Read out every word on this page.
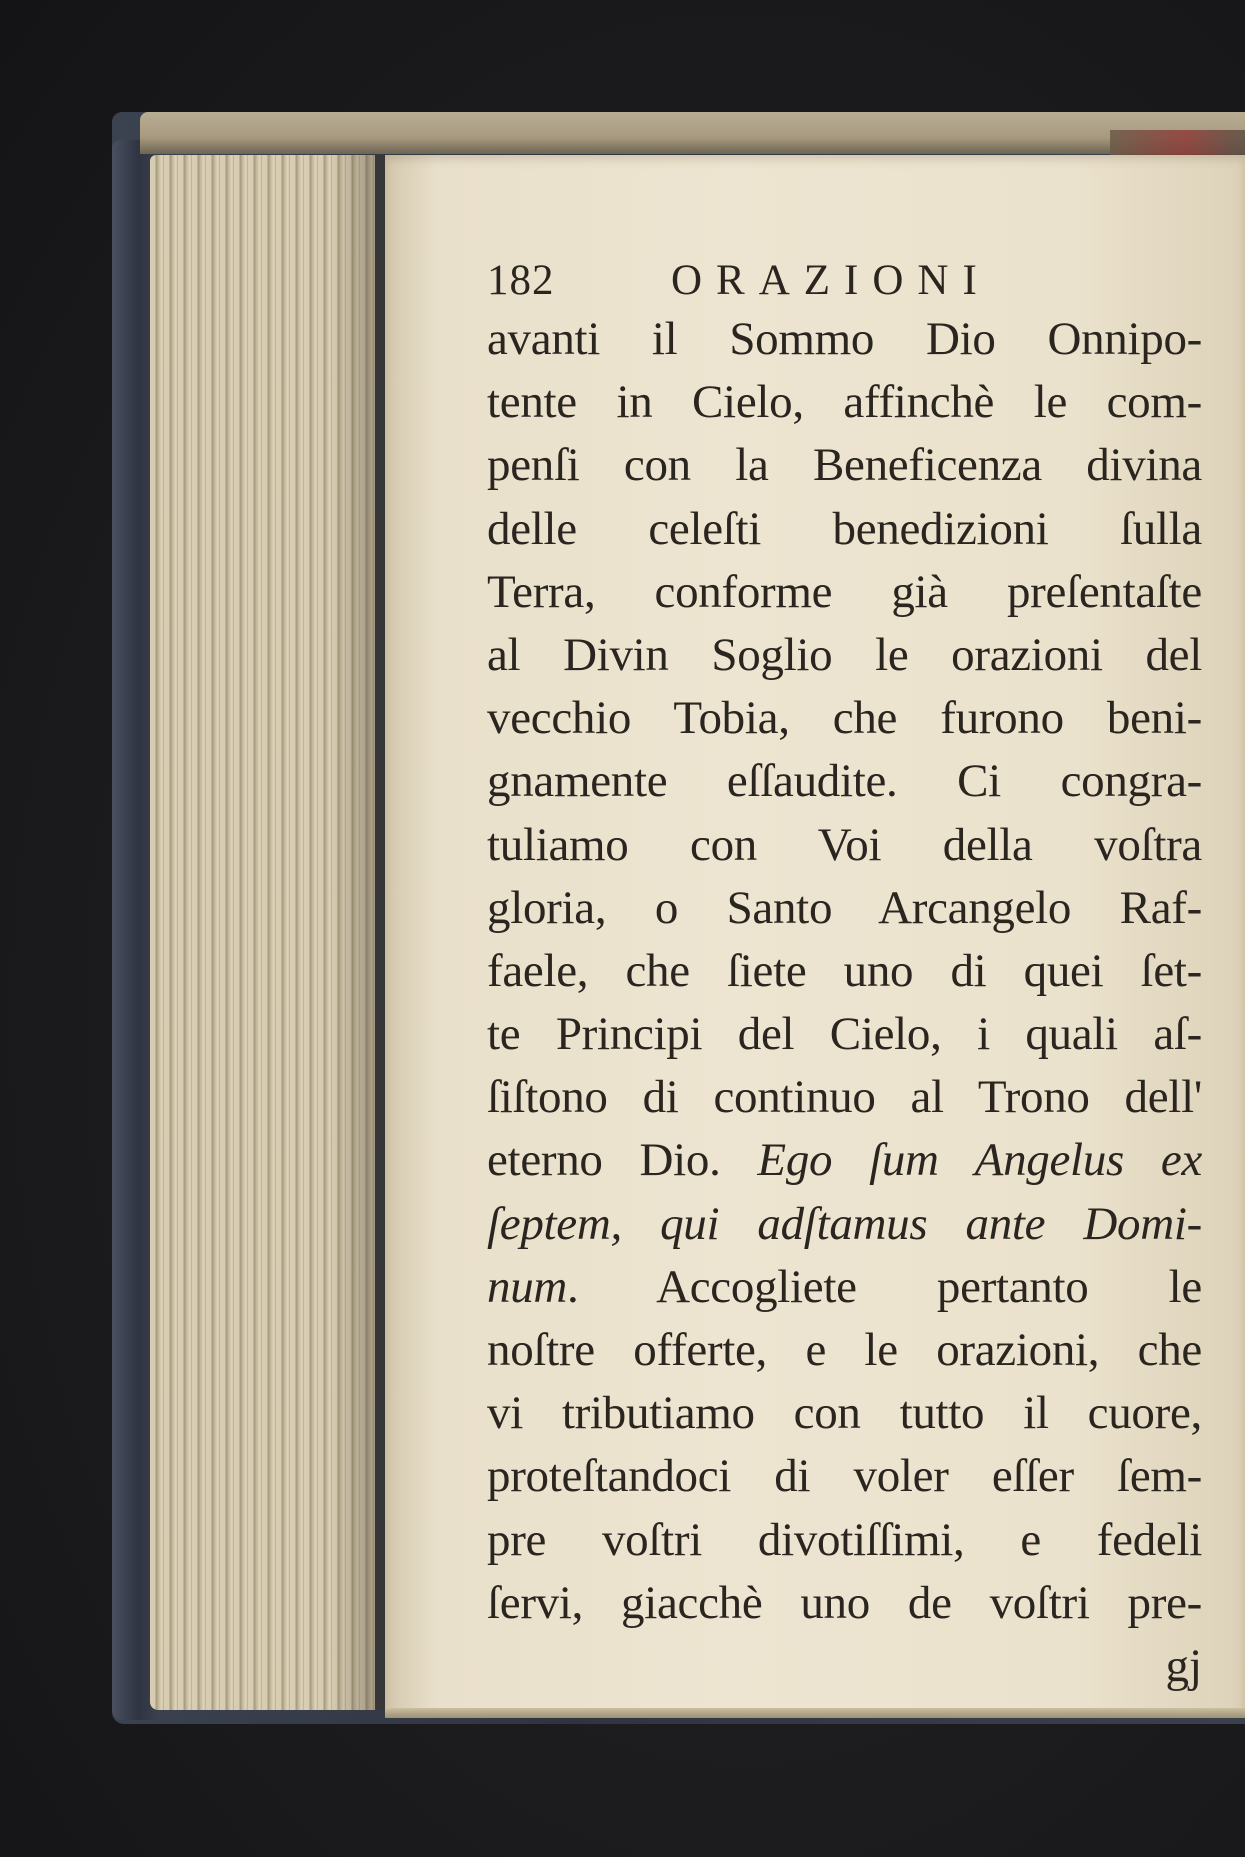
182	ORAZIONI
avanti il Sommo Dio Onnipo-
tente in Cielo, affinchè le com-
penſi con la Beneficenza divina
delle celeſti benedizioni ſulla
Terra, conforme già preſentaſte
al Divin Soglio le orazioni del
vecchio Tobia, che furono beni-
gnamente eſſaudite. Ci congra-
tuliamo con Voi della voſtra
gloria, o Santo Arcangelo Raf-
faele, che ſiete uno di quei ſet-
te Principi del Cielo, i quali aſ-
ſiſtono di continuo al Trono dell'
eterno Dio. Ego ſum Angelus ex
ſeptem, qui adſtamus ante Domi-
num. Accogliete pertanto le
noſtre offerte, e le orazioni, che
vi tributiamo con tutto il cuore,
proteſtandoci di voler eſſer ſem-
pre voſtri divotiſſimi, e fedeli
ſervi, giacchè uno de voſtri pre-
gj
